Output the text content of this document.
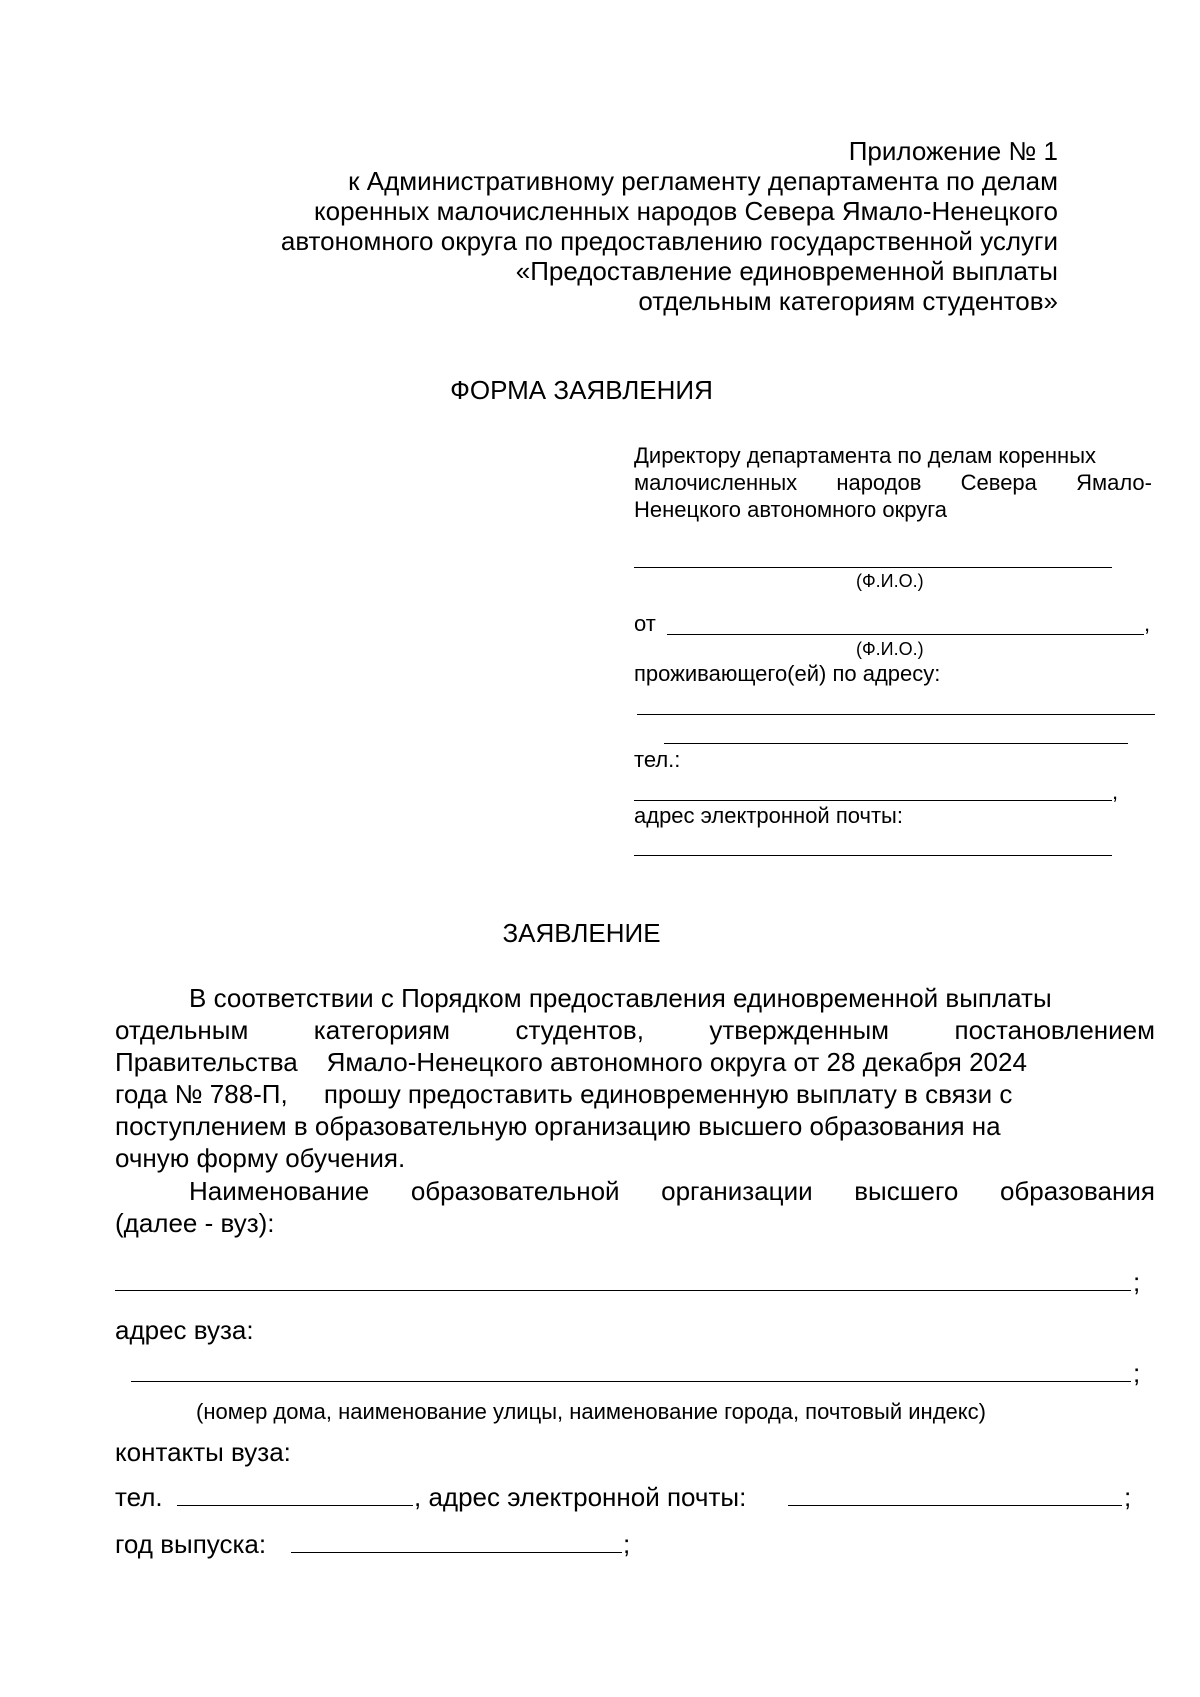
Приложение № 1
к Административному регламенту департамента по делам
коренных малочисленных народов Севера Ямало-Ненецкого
автономного округа по предоставлению государственной услуги
«Предоставление единовременной выплаты
отдельным категориям студентов»
ФОРМА ЗАЯВЛЕНИЯ
Директору департамента по делам коренных
малочисленных народов Севера Ямало-
Ненецкого автономного округа
(Ф.И.О.)
от	,
(Ф.И.О.)
проживающего(ей) по адресу:
тел.:
,
адрес электронной почты:
ЗАЯВЛЕНИЕ
В соответствии с Порядком предоставления единовременной выплаты
отдельным	категориям	студентов,	утвержденным	постановлением
Правительства    Ямало-Ненецкого автономного округа от 28 декабря 2024
года № 788-П,     прошу предоставить единовременную выплату в связи с
поступлением в образовательную организацию высшего образования на
очную форму обучения.
Наименование образовательной организации высшего образования
(далее - вуз):
;
адрес вуза:
;
(номер дома, наименование улицы, наименование города, почтовый индекс)
контакты вуза:
тел.	, адрес электронной почты:	;
год выпуска:	;
